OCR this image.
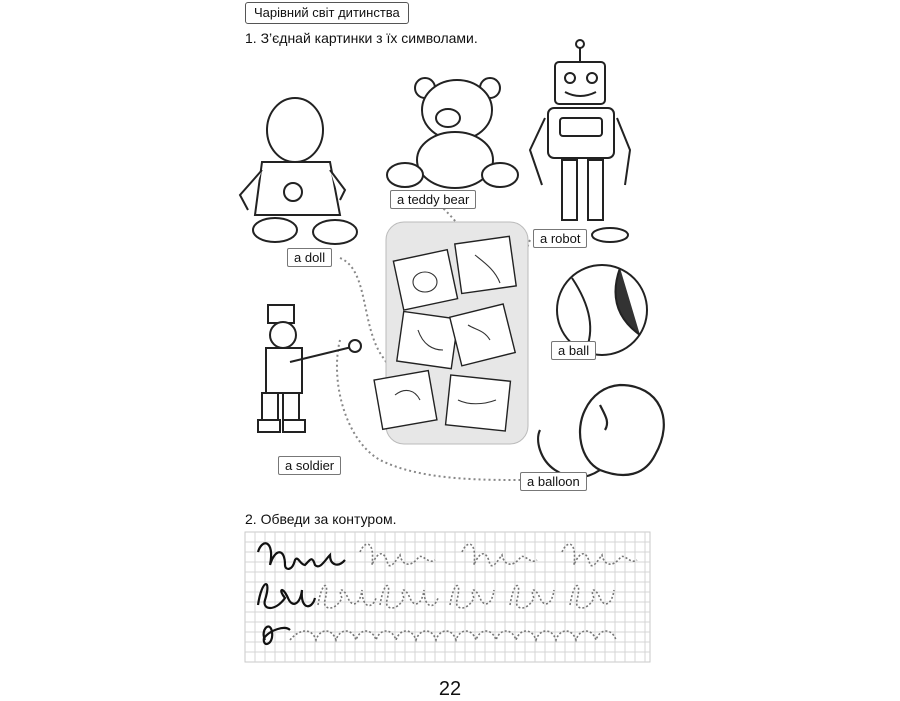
Чарівний світ дитинства
1. З’єднай картинки з їх символами.
a doll
a teddy bear
a robot
a ball
a soldier
a balloon
2. Обведи за контуром.
22
